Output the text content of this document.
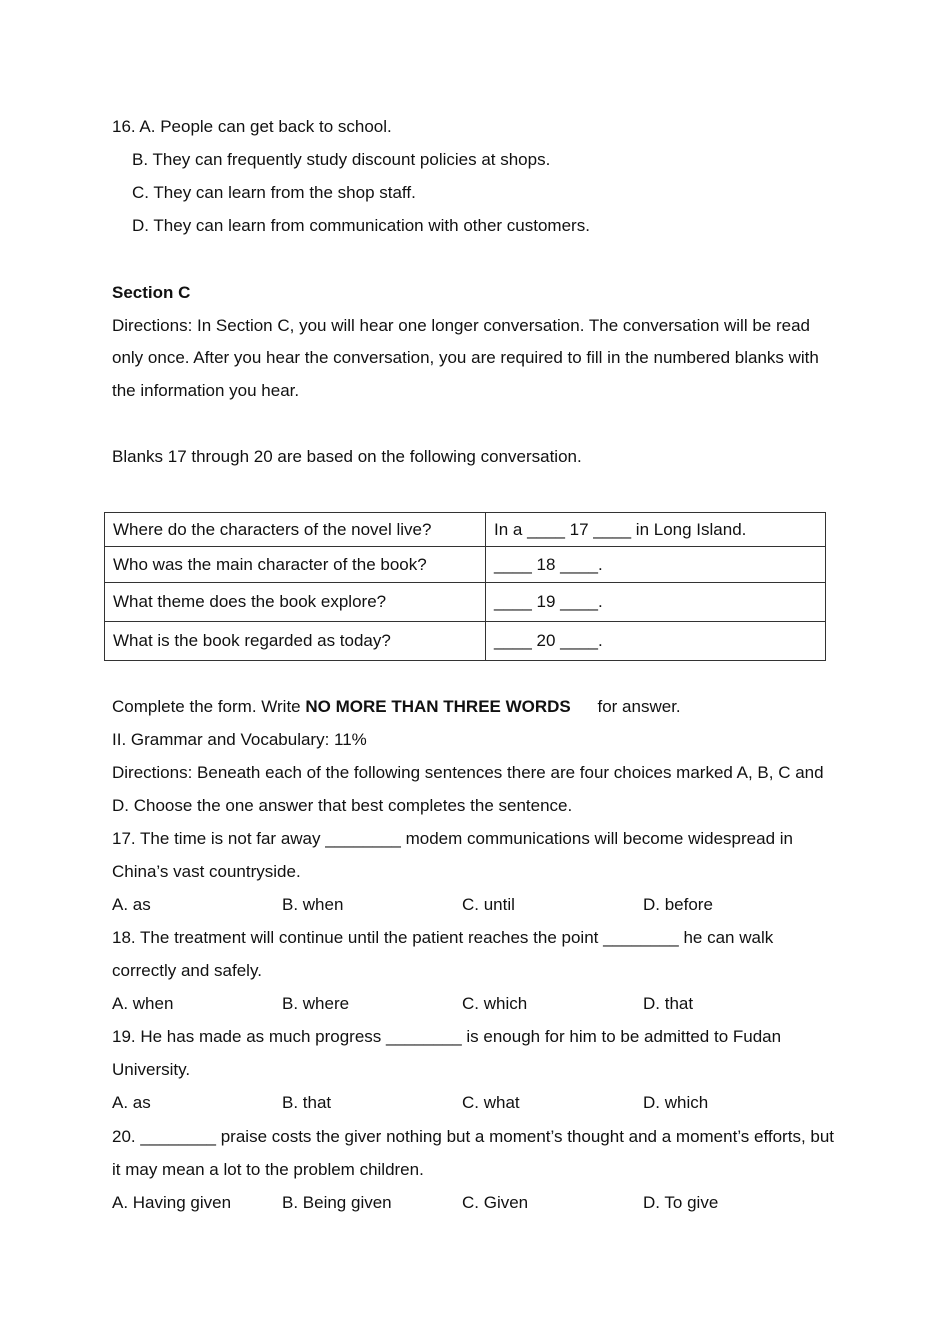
16. A. People can get back to school.
B. They can frequently study discount policies at shops.
C. They can learn from the shop staff.
D. They can learn from communication with other customers.
Section C
Directions: In Section C, you will hear one longer conversation. The conversation will be read
only once. After you hear the conversation, you are required to fill in the numbered blanks with
the information you hear.
Blanks 17 through 20 are based on the following conversation.
Where do the characters of the novel live?	In a ____ 17 ____ in Long Island.
Who was the main character of the book?	____ 18 ____.
What theme does the book explore?	____ 19 ____.
What is the book regarded as today?	____ 20 ____.
Complete the form. Write NO MORE THAN THREE WORDS for answer.
II. Grammar and Vocabulary: 11%
Directions: Beneath each of the following sentences there are four choices marked A, B, C and
D. Choose the one answer that best completes the sentence.
17. The time is not far away ________ modem communications will become widespread in
China’s vast countryside.
A. as	B. when	C. until	D. before
18. The treatment will continue until the patient reaches the point ________ he can walk
correctly and safely.
A. when	B. where	C. which	D. that
19. He has made as much progress ________ is enough for him to be admitted to Fudan
University.
A. as	B. that	C. what	D. which
20. ________ praise costs the giver nothing but a moment’s thought and a moment’s efforts, but
it may mean a lot to the problem children.
A. Having given	B. Being given	C. Given	D. To give
